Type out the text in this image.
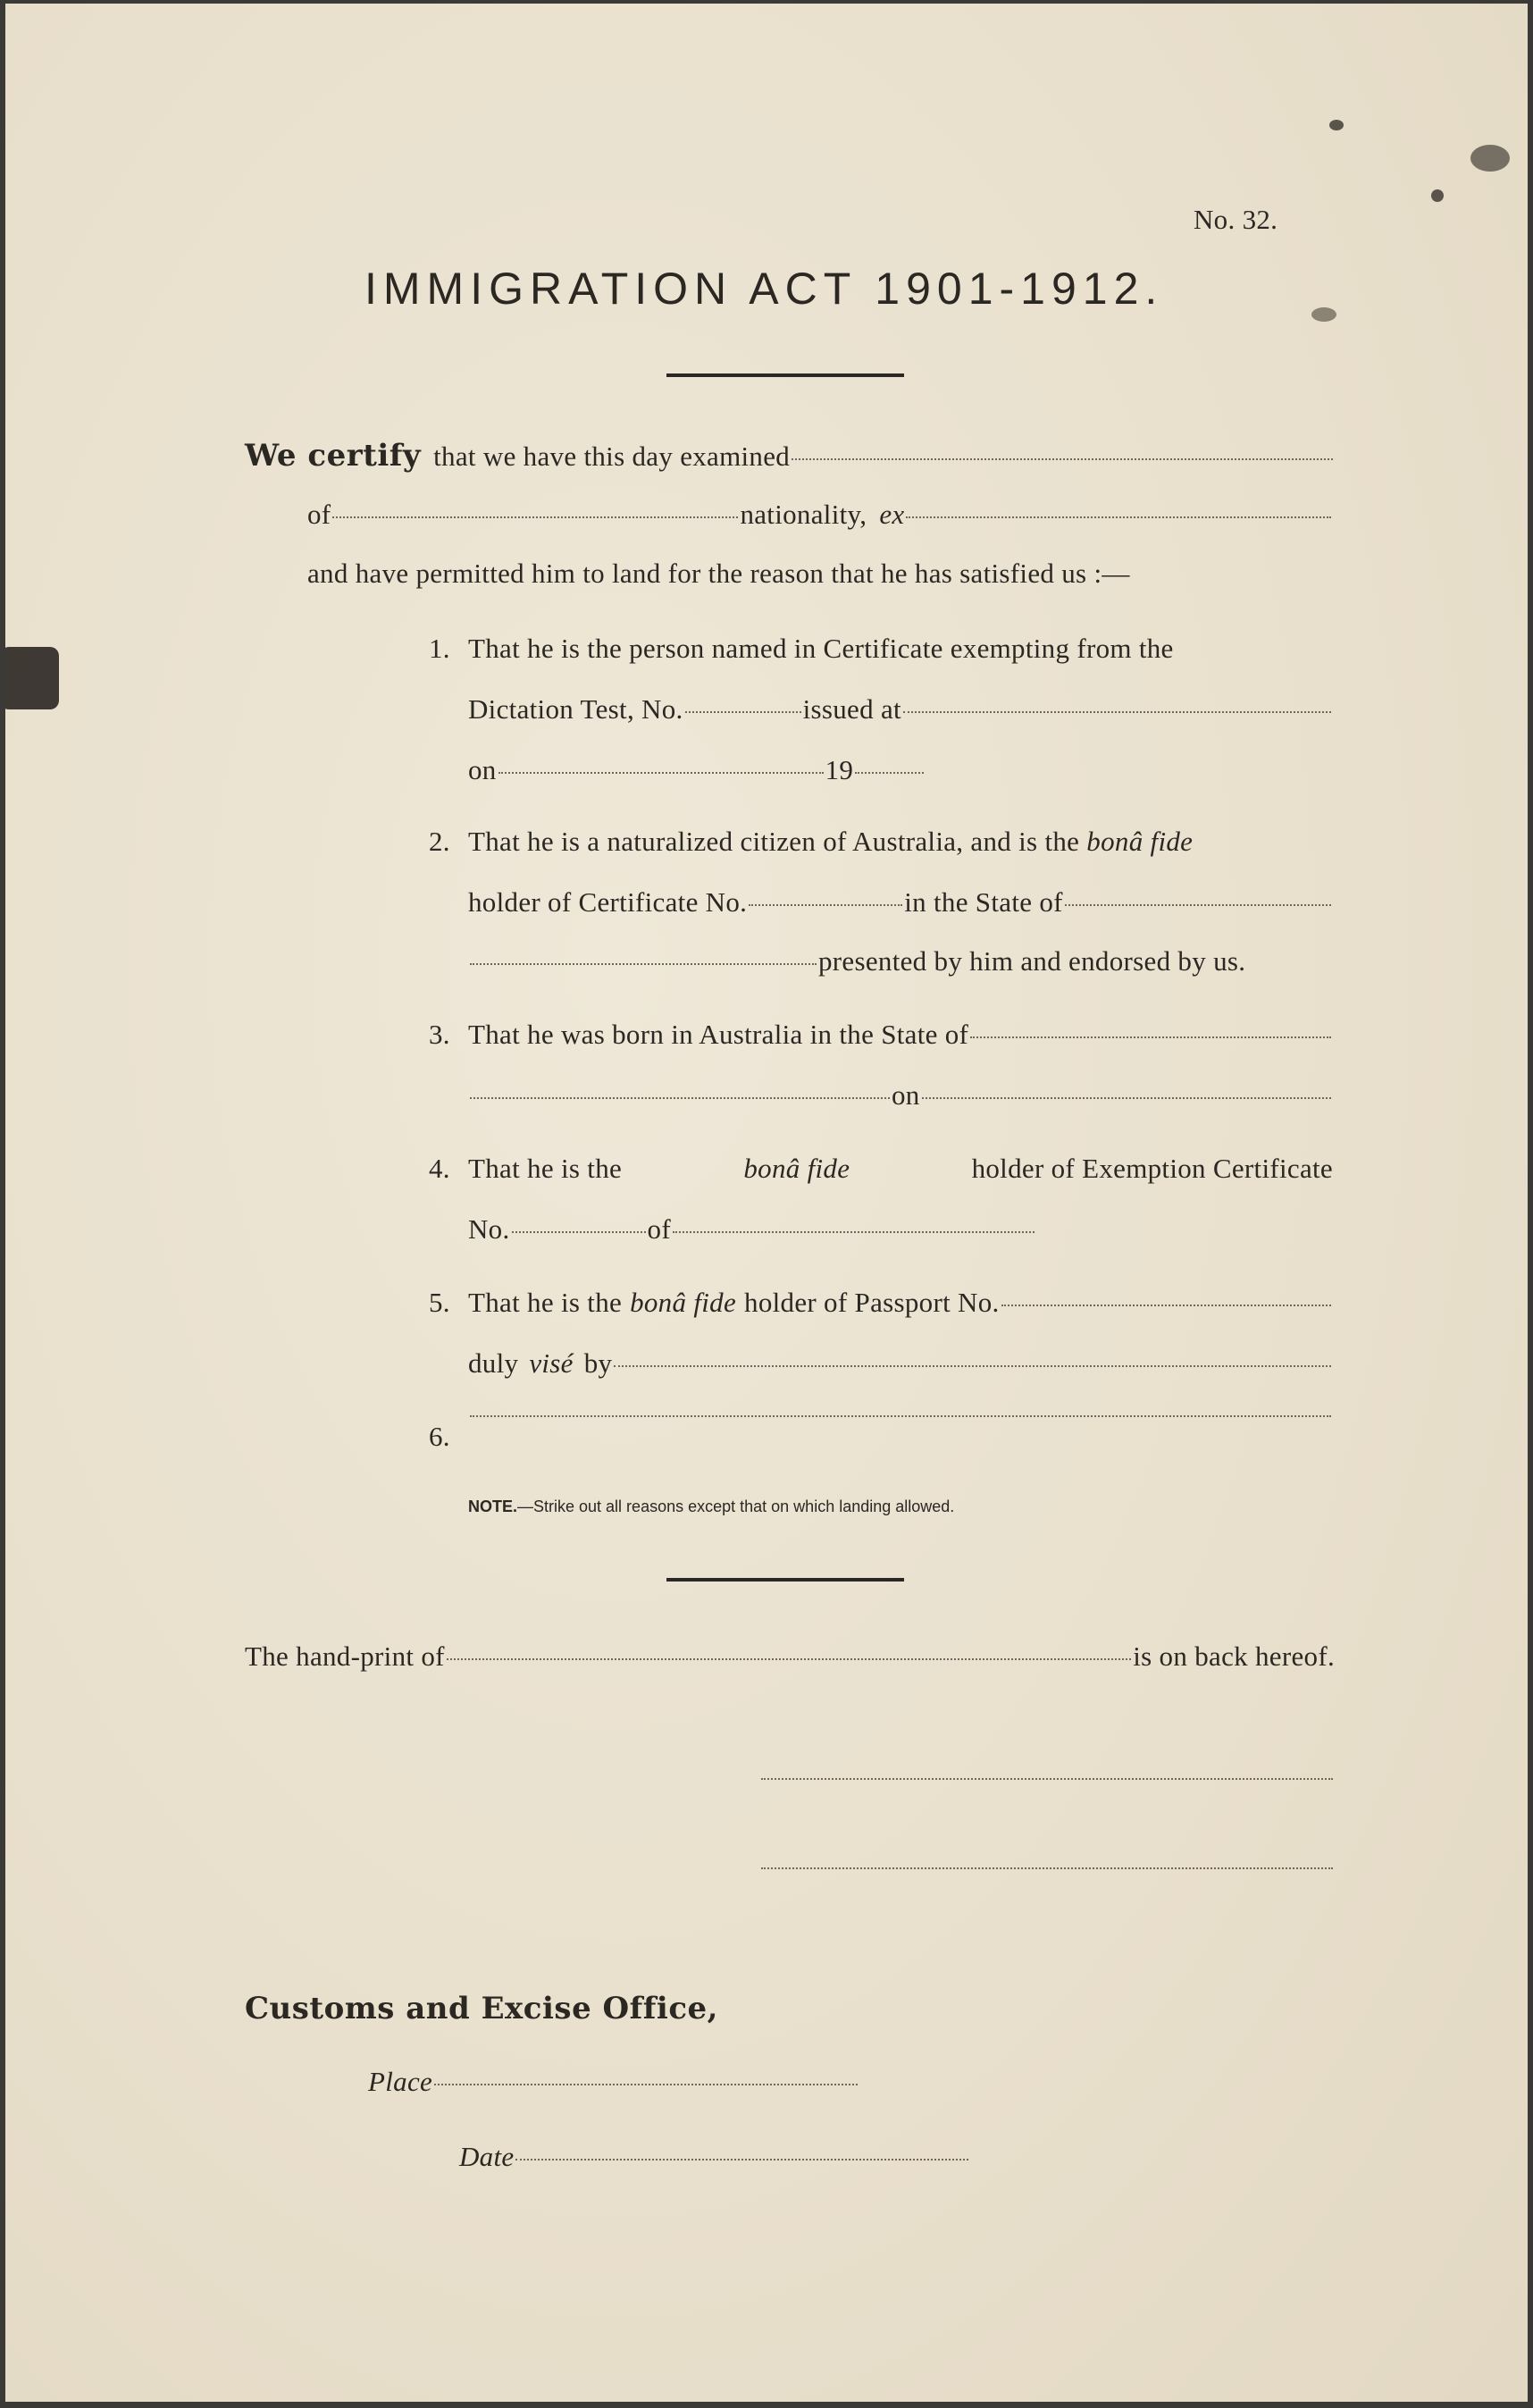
No. 32.
IMMIGRATION ACT 1901-1912.
We certify that we have this day examined
of	nationality, ex
and have permitted him to land for the reason that he has satisfied us :—
1. That he is the person named in Certificate exempting from the
Dictation Test, No.	issued at
on	19
2. That he is a naturalized citizen of Australia, and is the bonâ fide
holder of Certificate No.	in the State of
presented by him and endorsed by us.
3. That he was born in Australia in the State of
on
4. That he is the	bonâ fide	holder of Exemption Certificate
No.	of
5. That he is the bonâ fide holder of Passport No.
duly visé by
6.
NOTE.—Strike out all reasons except that on which landing allowed.
The hand-print of	is on back hereof.
Customs and Excise Office,
Place
Date
